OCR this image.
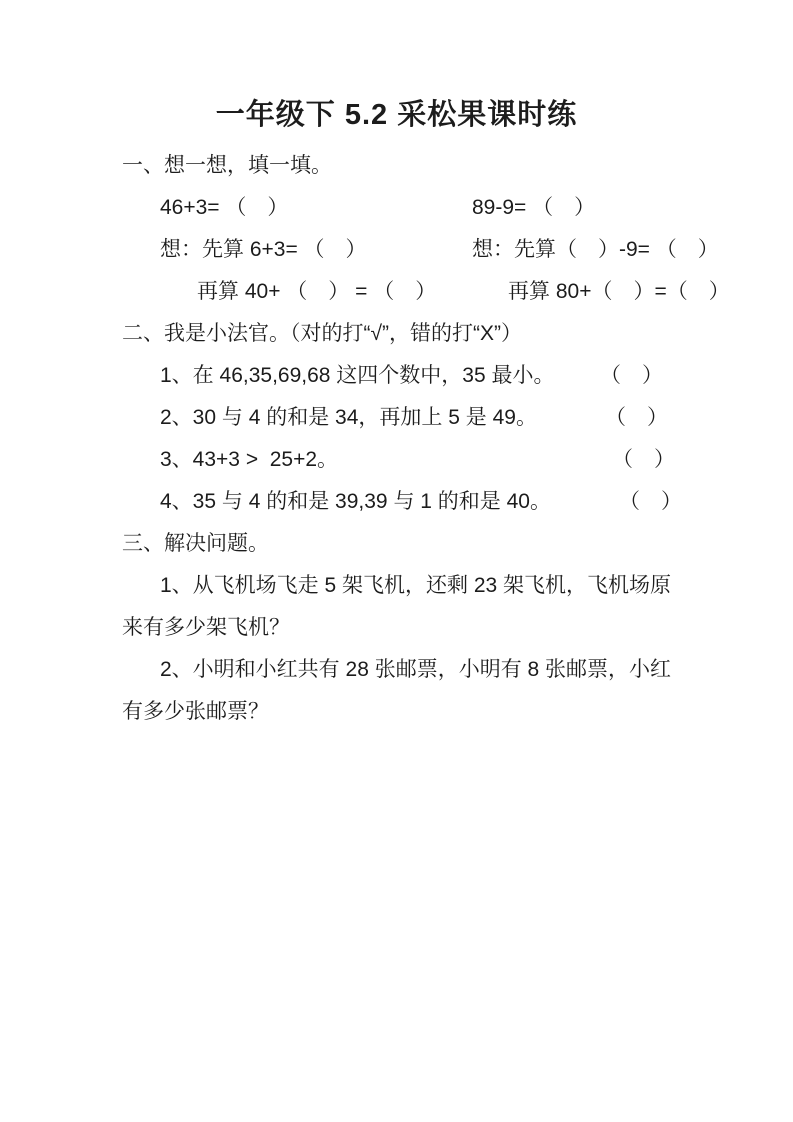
一年级下 5.2 采松果课时练
一、想一想，填一填。

46+3= （　）

	89-9= （　）

想：先算 6+3= （　）

	想：先算（　）-9= （　）

再算 40+ （　） = （　）

	再算 80+（　）=（　）

二、我是小法官。（对的打“√”，错的打“X”）

1、在 46,35,69,68 这四个数中，35 最小。

（　）

2、30 与 4 的和是 34，再加上 5 是 49。

	（　）

3、43+3 >  25+2。

	（　）

4、35 与 4 的和是 39,39 与 1 的和是 40。

	（　）

三、解决问题。

1、从飞机场飞走 5 架飞机，还剩 23 架飞机，飞机场原来有多少架飞机？

2、小明和小红共有 28 张邮票，小明有 8 张邮票，小红有多少张邮票？
